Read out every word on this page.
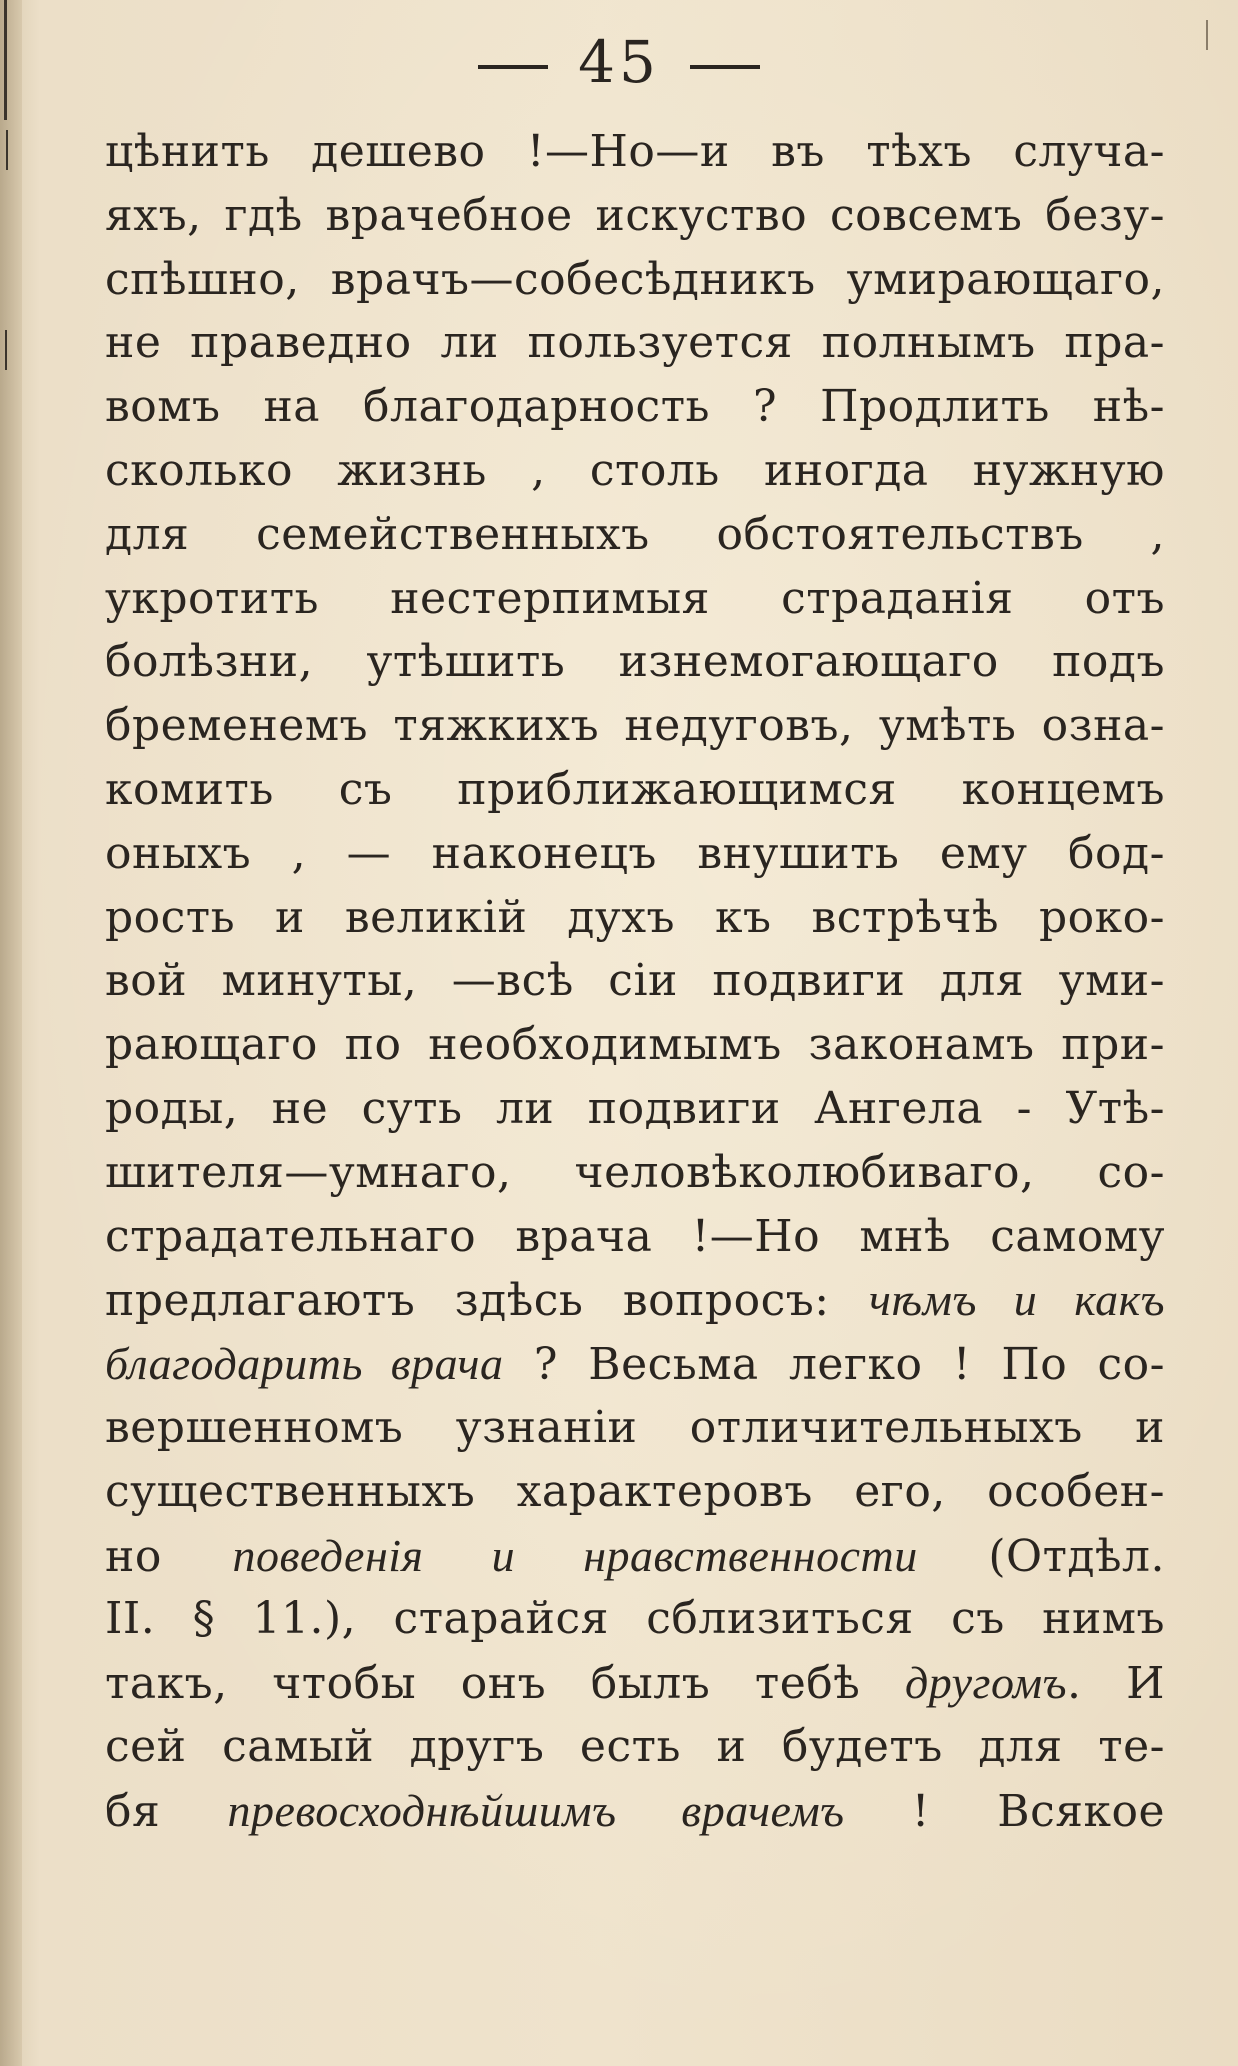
45
цѣнить дешево !—Но—и въ тѣхъ случа-
яхъ, гдѣ врачебное искуство совсемъ безу-
спѣшно, врачъ—собесѣдникъ умирающаго,
не праведно ли пользуется полнымъ пра-
вомъ на благодарность ? Продлить нѣ-
сколько жизнь , столь иногда нужную
для семейственныхъ обстоятельствъ ,
укротить нестерпимыя страданія отъ
болѣзни, утѣшить изнемогающаго подъ
бременемъ тяжкихъ недуговъ, умѣть озна-
комить съ приближающимся концемъ
оныхъ , — наконецъ внушить ему бод-
рость и великій духъ къ встрѣчѣ роко-
вой минуты, —всѣ сіи подвиги для уми-
рающаго по необходимымъ законамъ при-
роды, не суть ли подвиги Ангела - Утѣ-
шителя—умнаго, человѣколюбиваго, со-
страдательнаго врача !—Но мнѣ самому
предлагаютъ здѣсь вопросъ: чѣмъ и какъ
благодарить врача ? Весьма легко ! По со-
вершенномъ узнаніи отличительныхъ и
существенныхъ характеровъ его, особен-
но поведенія и нравственности (Отдѣл.
II. § 11.), старайся сблизиться съ нимъ
такъ, чтобы онъ былъ тебѣ другомъ. И
сей самый другъ есть и будетъ для те-
бя превосходнѣйшимъ врачемъ ! Всякое
